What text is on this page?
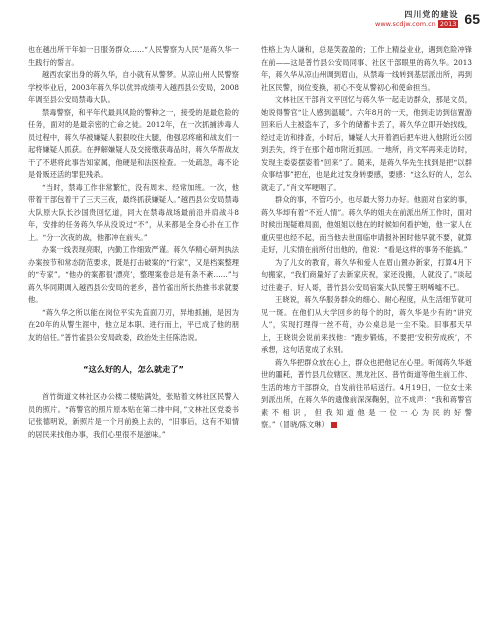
四川党的建设
www.scdjw.com.cn 2013 65

也在越出所干年如一日服务群众……“人民警察为人民”是蒋久华一生践行的誓言。

越西农家出身的蒋久华，自小就有从警梦。从凉山州人民警察学校毕业后，2003年蒋久华以优异成绩考入越西县公安局，2008年调至县公安局禁毒大队。

禁毒警察，和平年代最具风险的警种之一，接受的是最危险的任务，面对的是最亲密的亡命之徒。2012年，在一次抓捕涉毒人员过程中，蒋久华被嫌疑人狠狠咬住大腿，他强忍疼痛和战友们一起将嫌疑人抓获。在押解嫌疑人及交接缴获毒品时，蒋久华帮战友干了不堪将此事告知家属，他硬是和法医检查。一处疏忽，毒不论是骨贩还活的罪犯残杀。

“当时，禁毒工作非常繁忙，没有周末、经常加班。一次，他带着干部包着干了三天三夜，最终抓获嫌疑人。”越西县公安局禁毒大队原大队长沙国贵回忆道，同大在禁毒战场最前沿并肩战斗8年，安排的任务蒋久华从没说过“不”，从来都是全身心扑在工作上。“分一次夜的战，他都冲在前头。”

办案一线表现亮眼，内勤工作细致严谨。蒋久华精心研判执法办案按节和常态防范要求，既是打击破案的“行家”，又是档案整理的“专家”。“他办的案都很‘漂亮’，整理案卷总是有条不紊……”与蒋久华同期调入越西县公安局的老乡，普竹雀出所长热推书求就要他。

“蒋久华之所以能在岗位平实先直面刀刃，异地抓捕，是因为在20年的从警生涯中，他立足本职、进行而上，平已成了他的朋友的信任。”普竹雀县公安局政委，政治处主任陈浩说。

“这么好的人，怎么就走了”

首竹街道文林社区办公楼二楼贴满处，张贴着文林社区民警入员的照片。“蒋警官的照片原本贴在第二排中间，”文林社区党委书记张德明说，新照片是一个月前换上去的，“旧事后，这有不知情的居民来找他办事，我们心里很不是滋味。”

性格上为人谦和，总是笑盈盈的；工作上精益业业，遇到危险冲锋在前——这是普竹县公安局同事、社区干部眼里的蒋久华。2013年，蒋久华从凉山州调到眉山，从禁毒一线转到基层派出所，再到社区民警，岗位变换，初心不变从警初心和使命担当。

文林社区干部肖文平回忆与蒋久华一起走访群众，那是文员，她说得警官“让人感到温暖”。六年8月的一天，他到走访到信置游回来后人主被盗车了，多个的储蓄卡丢了，蒋久华立即开始找线，经过走访和排查，小时后，嫌疑人大开着酒后把车进入他附近公园到丢失，终于在那个超市附近抓回。一地所，肖文军再来走访时，发现主委姿摆姿着“回来”了。随来，是蒋久华先生找到是把“以群众事结事”把在，也是此过发身转要感，要感：“这么好的人，怎么就走了。”肖文军哽咽了。

群众的事，不管巧小，也尽最大努力办好。他面对自家的事，蒋久华却有着“不近人情”。蒋久华的姐夫在前派出所工作时，面对时候出现疑难局面，他姐姐以他在的时候如何看护她，他一家人在重庆里也经不起，而当他去世面临申请报补困时他早就不要，就算走好，儿实情在前所付出他的，他说：“看是这样的事务不能搞。”

为了儿女的教育，蒋久华和爱人在眉山置办新家，打算4月下旬搬家，“我们商量好了去新家庆祝，家还没搬，人就没了。”谈起过往妻子、好人哥，普竹县公安局宿案大队民警王明唏嘘不已。

王晓说，蒋久华服务群众的细心、耐心程度，从生活细节就可见一斑。在他们从大学回乡的每个的时，蒋久华是少有的“讲究人”，实现打理得一丝不苟，办公桌总是一尘不染。旧事那天早上，王晓说会说前来找他：“跑步锻炼，不要把‘安积劳成疾’，不承想，这句话竟成了永别。

蒋久华把群众放在心上，群众也把他记在心里。听闻蒋久华逝世的噩耗，普竹县几位辖区、黑龙社区、普竹街道等他生前工作、生活的地方干部群众，自发前往吊唁送行。4月19日，一位女士来到派出所，在蒋久华的遗像前深深鞠躬，泣不成声：“我和蒋警官素不相识，但我知道他是一位一心为民的好警察。”（冒晓/陈文琳）
